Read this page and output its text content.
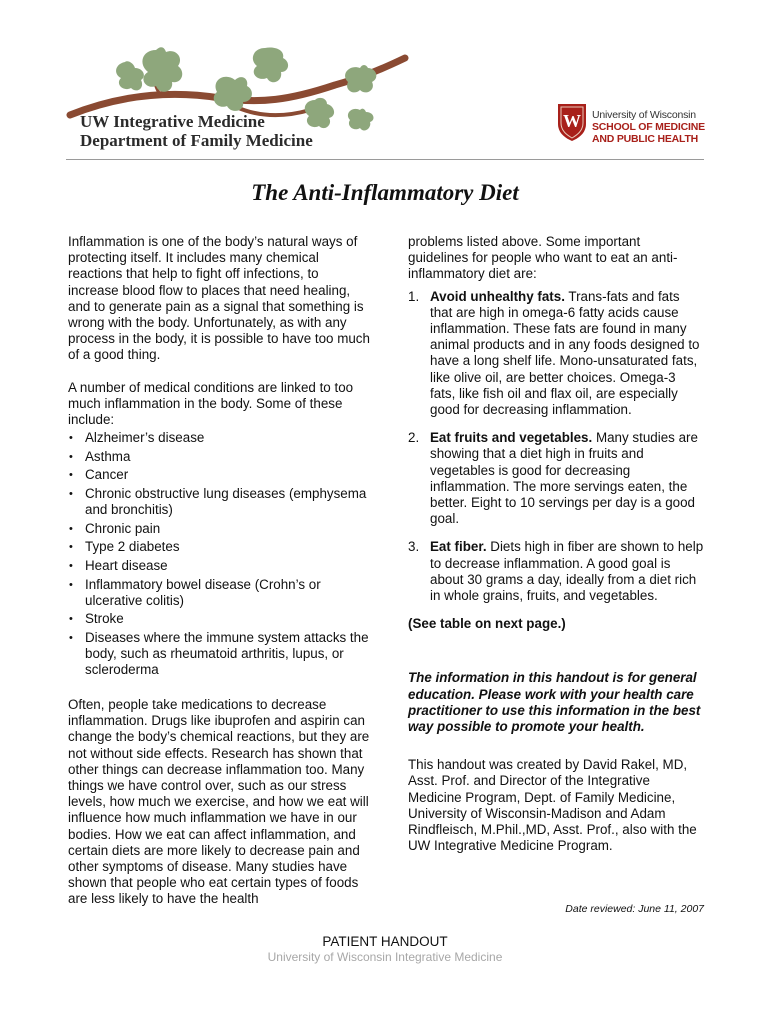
UW Integrative Medicine
Department of Family Medicine
W University of Wisconsin
SCHOOL OF MEDICINE
AND PUBLIC HEALTH
The Anti-Inflammatory Diet

Inflammation is one of the body’s natural ways of protecting itself. It includes many chemical reactions that help to fight off infections, to increase blood flow to places that need healing, and to generate pain as a signal that something is wrong with the body. Unfortunately, as with any process in the body, it is possible to have too much of a good thing.

A number of medical conditions are linked to too much inflammation in the body. Some of these include:

• Alzheimer’s disease
• Asthma
• Cancer
• Chronic obstructive lung diseases (emphysema and bronchitis)
• Chronic pain
• Type 2 diabetes
• Heart disease
• Inflammatory bowel disease (Crohn’s or ulcerative colitis)
• Stroke
• Diseases where the immune system attacks the body, such as rheumatoid arthritis, lupus, or scleroderma

Often, people take medications to decrease inflammation. Drugs like ibuprofen and aspirin can change the body’s chemical reactions, but they are not without side effects. Research has shown that other things can decrease inflammation too. Many things we have control over, such as our stress levels, how much we exercise, and how we eat will influence how much inflammation we have in our bodies. How we eat can affect inflammation, and certain diets are more likely to decrease pain and other symptoms of disease. Many studies have shown that people who eat certain types of foods are less likely to have the health

problems listed above. Some important guidelines for people who want to eat an anti-inflammatory diet are:

1. Avoid unhealthy fats. Trans-fats and fats that are high in omega-6 fatty acids cause inflammation. These fats are found in many animal products and in any foods designed to have a long shelf life. Mono-unsaturated fats, like olive oil, are better choices. Omega-3 fats, like fish oil and flax oil, are especially good for decreasing inflammation.
2. Eat fruits and vegetables. Many studies are showing that a diet high in fruits and vegetables is good for decreasing inflammation. The more servings eaten, the better. Eight to 10 servings per day is a good goal.
3. Eat fiber. Diets high in fiber are shown to help to decrease inflammation. A good goal is about 30 grams a day, ideally from a diet rich in whole grains, fruits, and vegetables.

(See table on next page.)

The information in this handout is for general education. Please work with your health care practitioner to use this information in the best way possible to promote your health.

This handout was created by David Rakel, MD, Asst. Prof. and Director of the Integrative Medicine Program, Dept. of Family Medicine, University of Wisconsin-Madison and Adam Rindfleisch, M.Phil.,MD, Asst. Prof., also with the UW Integrative Medicine Program.

Date reviewed: June 11, 2007
PATIENT HANDOUT
University of Wisconsin Integrative Medicine
